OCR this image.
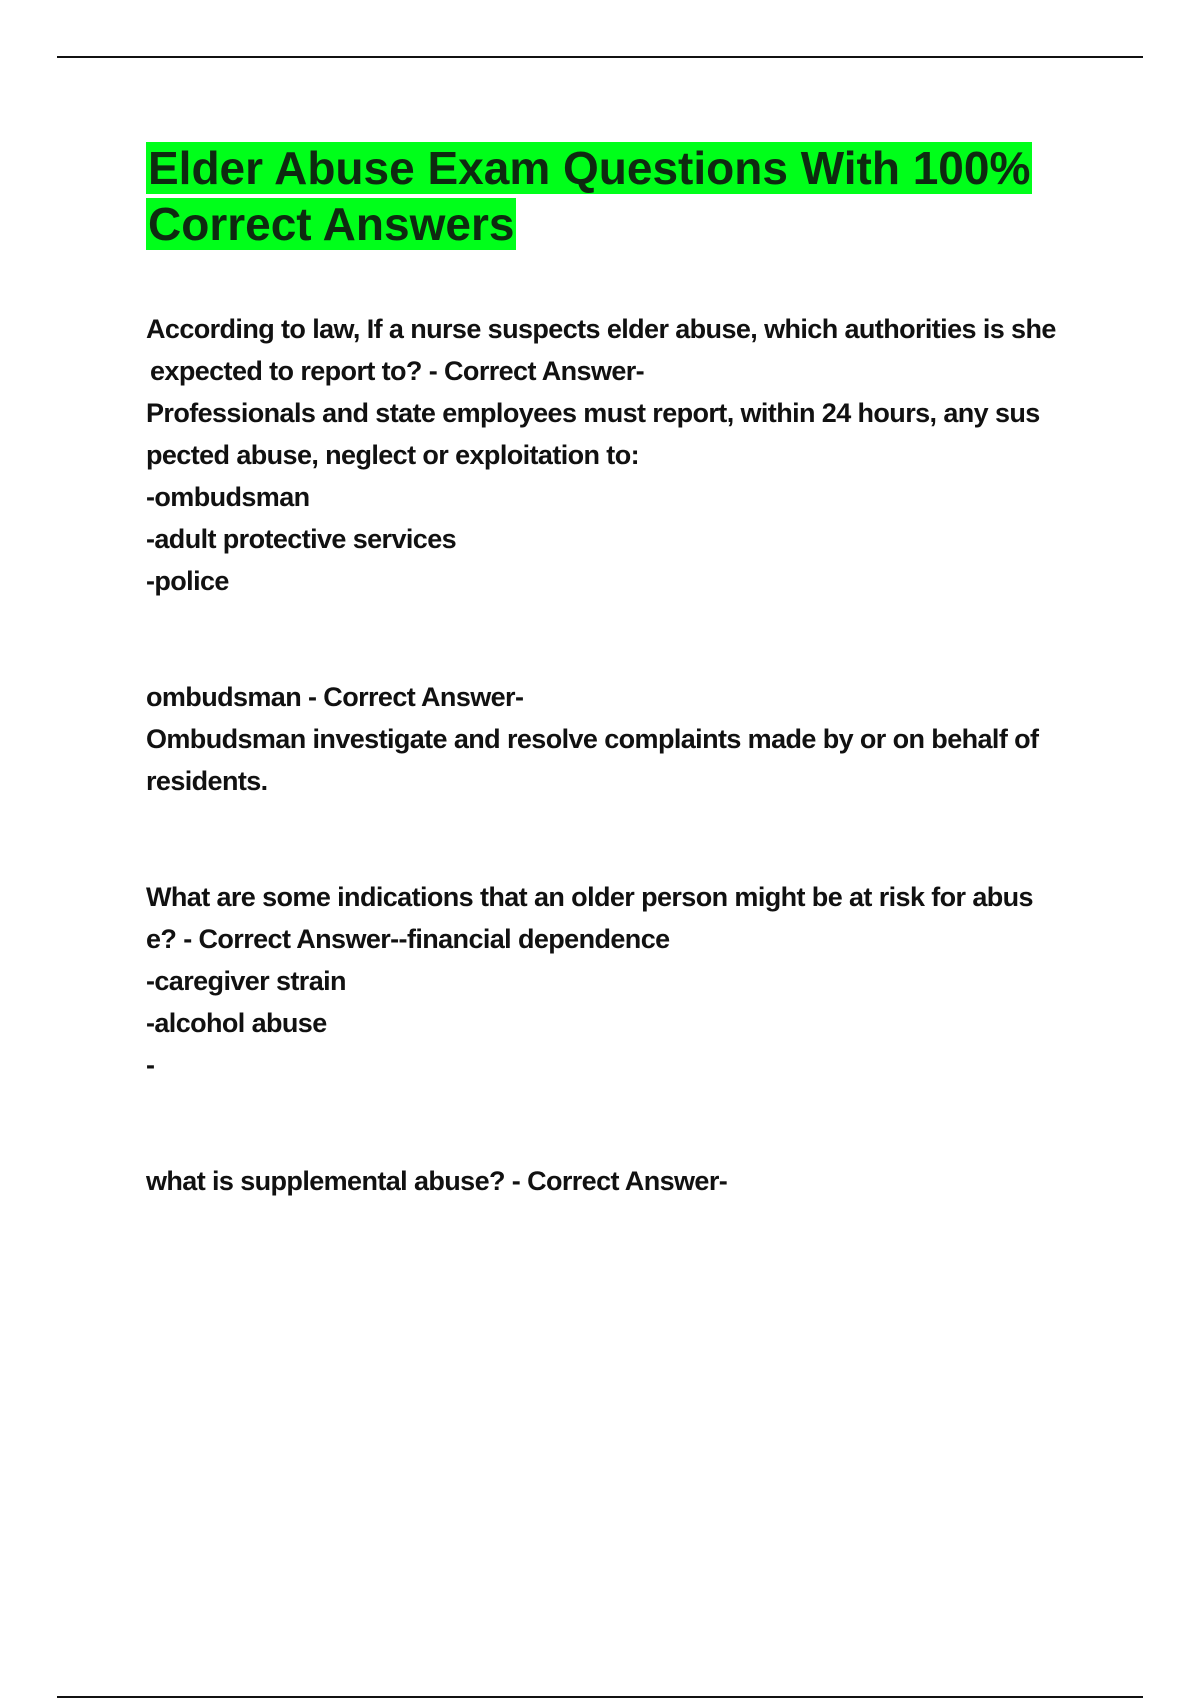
Elder Abuse Exam Questions With 100%
Correct Answers

According to law, If a nurse suspects elder abuse, which authorities is she

expected to report to? - Correct Answer-

Professionals and state employees must report, within 24 hours, any sus

pected abuse, neglect or exploitation to:

-ombudsman

-adult protective services

-police

ombudsman - Correct Answer-

Ombudsman investigate and resolve complaints made by or on behalf of

residents.

What are some indications that an older person might be at risk for abus

e? - Correct Answer--financial dependence

-caregiver strain

-alcohol abuse

-

what is supplemental abuse? - Correct Answer-
